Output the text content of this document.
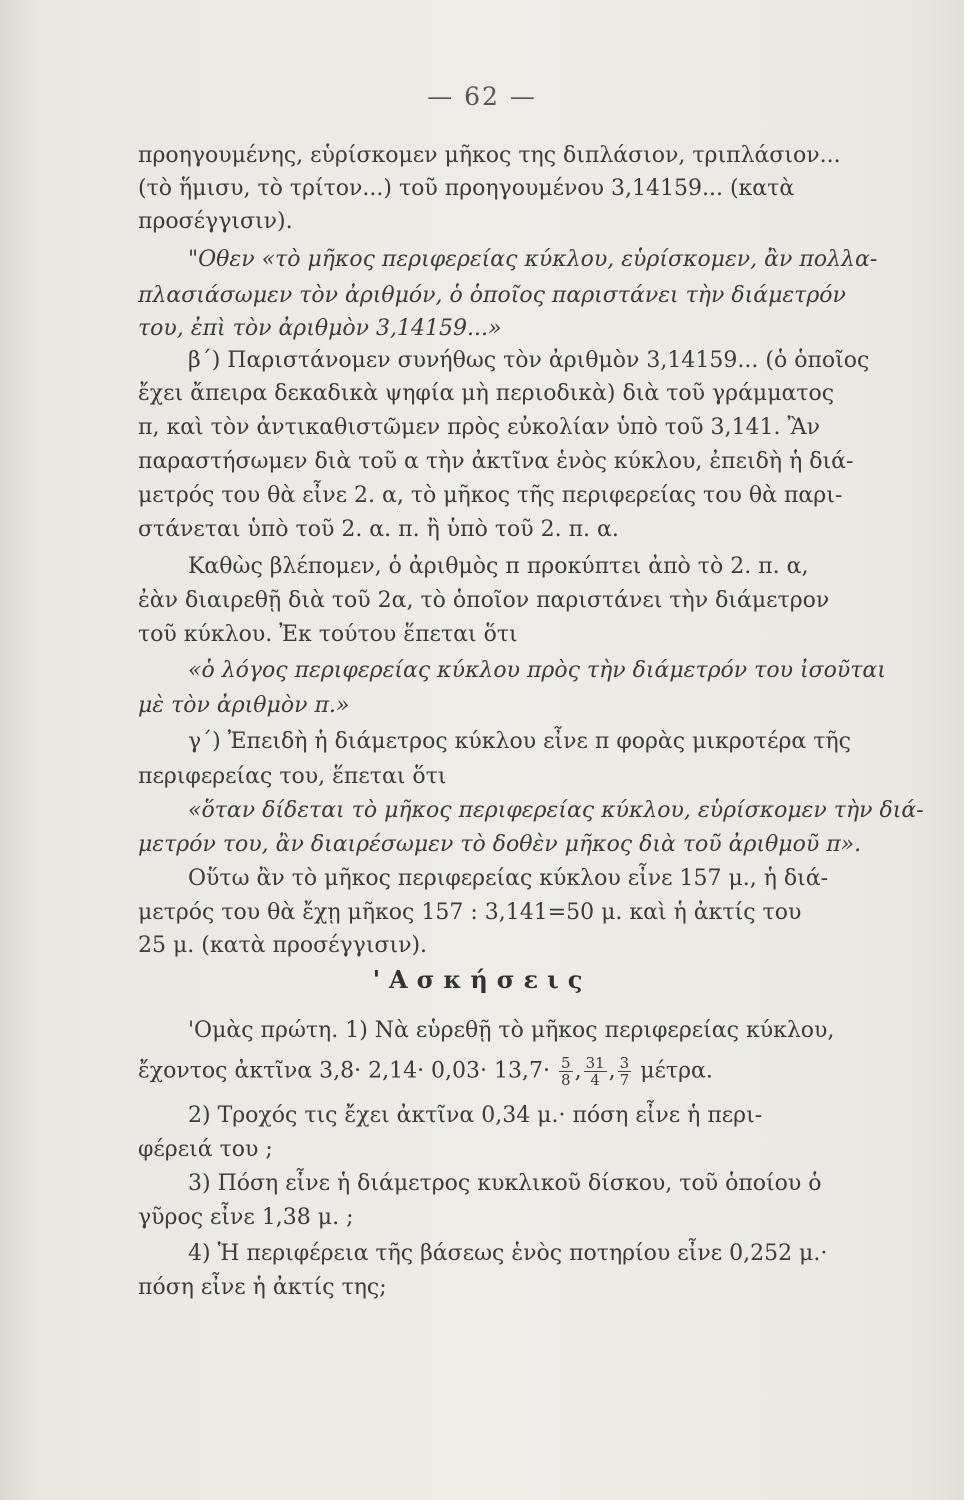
— 62 —
προηγουμένης, εὑρίσκομεν μῆκος της διπλάσιον, τριπλάσιον...
(τὸ ἥμισυ, τὸ τρίτον...) τοῦ προηγουμένου 3,14159... (κατὰ
προσέγγισιν).
"Οθεν «τὸ μῆκος περιφερείας κύκλου, εὑρίσκομεν, ἂν πολλα-
πλασιάσωμεν τὸν ἀριθμόν, ὁ ὁποῖος παριστάνει τὴν διάμετρόν
του, ἐπὶ τὸν ἀριθμὸν 3,14159...»
β΄) Παριστάνομεν συνήθως τὸν ἀριθμὸν 3,14159... (ὁ ὁποῖος
ἔχει ἄπειρα δεκαδικὰ ψηφία μὴ περιοδικὰ) διὰ τοῦ γράμματος
π, καὶ τὸν ἀντικαθιστῶμεν πρὸς εὐκολίαν ὑπὸ τοῦ 3,141. Ἂν
παραστήσωμεν διὰ τοῦ α τὴν ἀκτῖνα ἑνὸς κύκλου, ἐπειδὴ ἡ διά-
μετρός του θὰ εἶνε 2. α, τὸ μῆκος τῆς περιφερείας του θὰ παρι-
στάνεται ὑπὸ τοῦ 2. α. π. ἢ ὑπὸ τοῦ 2. π. α.
Καθὼς βλέπομεν, ὁ ἀριθμὸς π προκύπτει ἀπὸ τὸ 2. π. α,
ἐὰν διαιρεθῇ διὰ τοῦ 2α, τὸ ὁποῖον παριστάνει τὴν διάμετρον
τοῦ κύκλου. Ἐκ τούτου ἕπεται ὅτι
«ὁ λόγος περιφερείας κύκλου πρὸς τὴν διάμετρόν του ἰσοῦται
μὲ τὸν ἀριθμὸν π.»
γ΄) Ἐπειδὴ ἡ διάμετρος κύκλου εἶνε π φορὰς μικροτέρα τῆς
περιφερείας του, ἕπεται ὅτι
«ὅταν δίδεται τὸ μῆκος περιφερείας κύκλου, εὑρίσκομεν τὴν διά-
μετρόν του, ἂν διαιρέσωμεν τὸ δοθὲν μῆκος διὰ τοῦ ἀριθμοῦ π».
Οὕτω ἂν τὸ μῆκος περιφερείας κύκλου εἶνε 157 μ., ἡ διά-
μετρός του θὰ ἔχῃ μῆκος 157 : 3,141=50 μ. καὶ ἡ ἀκτίς του
25 μ. (κατὰ προσέγγισιν).
'Ασκήσεις
'Ομὰς πρώτη. 1) Νὰ εὑρεθῇ τὸ μῆκος περιφερείας κύκλου,
ἔχοντος ἀκτῖνα $3,8\cdot 2,14\cdot 0,03\cdot 13,7\cdot \frac{5}{8}$ , $\frac{31}{4}$ , $\frac{3}{7} \mu έ\tau\rho\alpha$.
2) Τροχός τις ἔχει ἀκτῖνα 0,34 μ.· πόση εἶνε ἡ περι-
φέρειά του ;
3) Πόση εἶνε ἡ διάμετρος κυκλικοῦ δίσκου, τοῦ ὁποίου ὁ
γῦρος εἶνε 1,38 μ. ;
4) Ἡ περιφέρεια τῆς βάσεως ἑνὸς ποτηρίου εἶνε 0,252 μ.·
πόση εἶνε ἡ ἀκτίς της;
